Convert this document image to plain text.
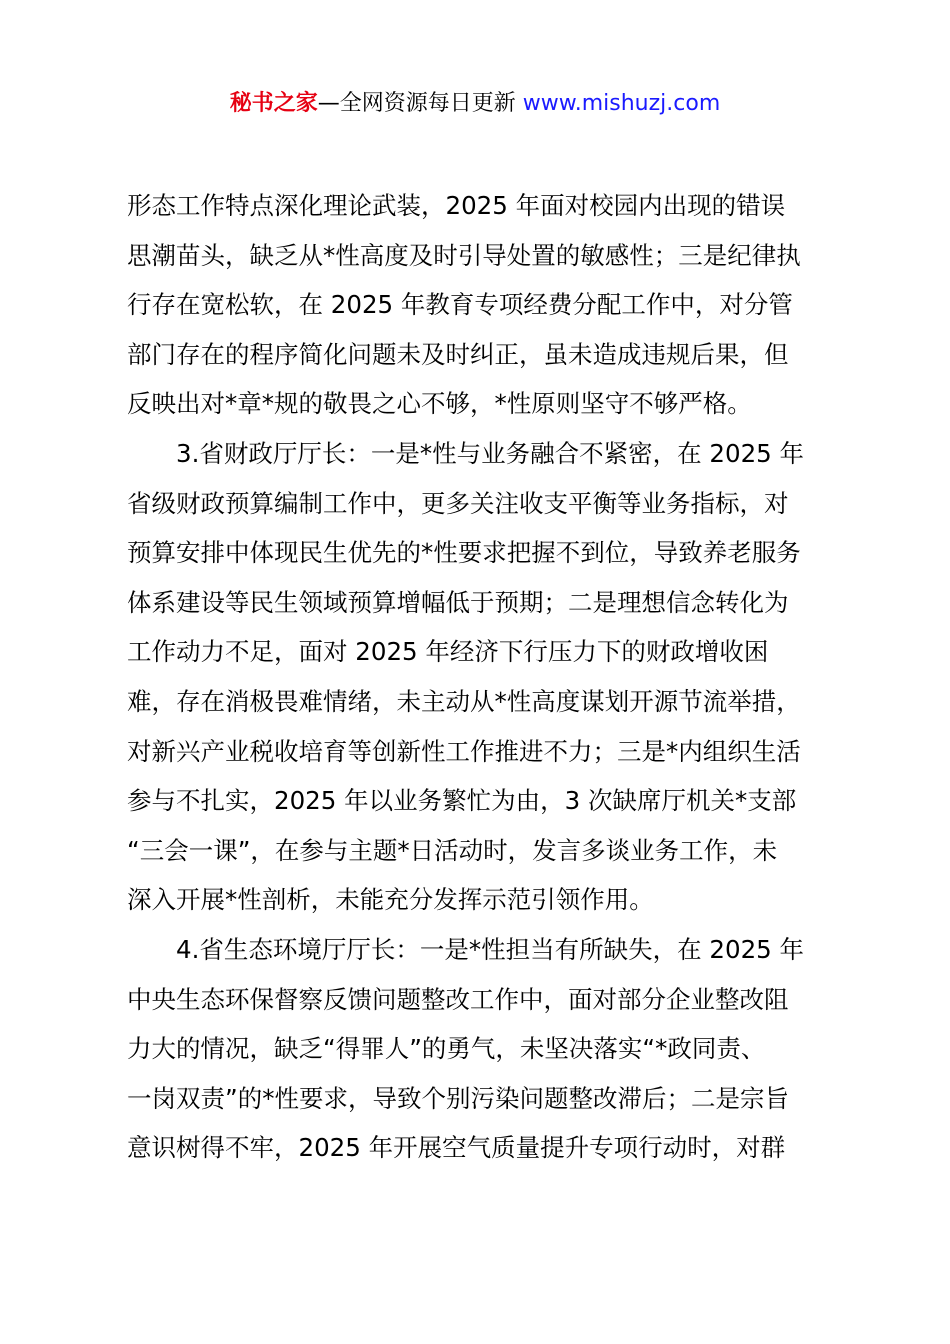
秘书之家—全网资源每日更新 www.mishuzj.com
形态工作特点深化理论武装，2025 年面对校园内出现的错误
思潮苗头，缺乏从*性高度及时引导处置的敏感性；三是纪律执
行存在宽松软，在 2025 年教育专项经费分配工作中，对分管
部门存在的程序简化问题未及时纠正，虽未造成违规后果，但
反映出对*章*规的敬畏之心不够，*性原则坚守不够严格。
3.省财政厅厅长：一是*性与业务融合不紧密，在 2025 年
省级财政预算编制工作中，更多关注收支平衡等业务指标，对
预算安排中体现民生优先的*性要求把握不到位，导致养老服务
体系建设等民生领域预算增幅低于预期；二是理想信念转化为
工作动力不足，面对 2025 年经济下行压力下的财政增收困
难，存在消极畏难情绪，未主动从*性高度谋划开源节流举措，
对新兴产业税收培育等创新性工作推进不力；三是*内组织生活
参与不扎实，2025 年以业务繁忙为由，3 次缺席厅机关*支部
“三会一课”，在参与主题*日活动时，发言多谈业务工作，未
深入开展*性剖析，未能充分发挥示范引领作用。
4.省生态环境厅厅长：一是*性担当有所缺失，在 2025 年
中央生态环保督察反馈问题整改工作中，面对部分企业整改阻
力大的情况，缺乏“得罪人”的勇气，未坚决落实“*政同责、
一岗双责”的*性要求，导致个别污染问题整改滞后；二是宗旨
意识树得不牢，2025 年开展空气质量提升专项行动时，对群
